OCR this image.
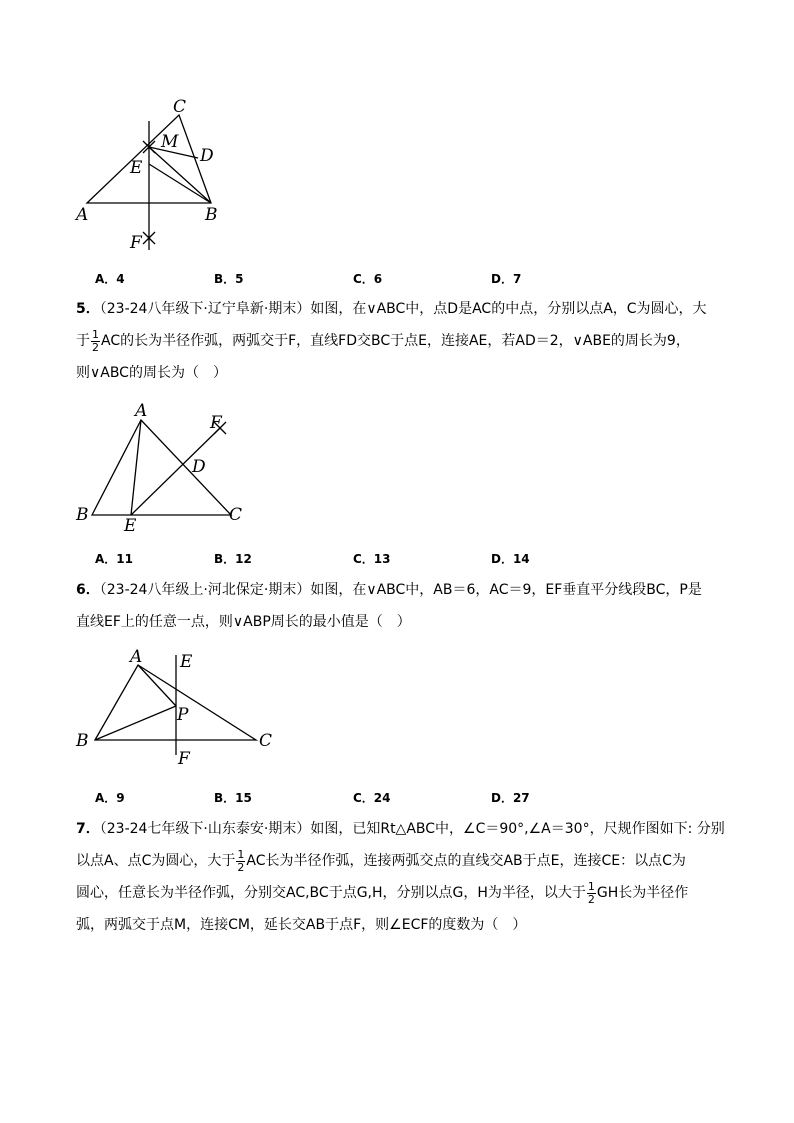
C
M
D
E
A	B
F
A．4	B．5	C．6	D．7
5．（23-24八年级下·辽宁阜新·期末）如图，在∨ABC中，点D是AC的中点，分别以点A，C为圆心，大
于 $\frac{1}{2}$ AC的长为半径作弧，两弧交于F，直线FD交BC于点E，连接AE，若AD＝2，∨ABE的周长为9，
则∨ABC的周长为（　）
A
F
D
B
E
C
A．11	B．12	C．13	D．14
6．（23-24八年级上·河北保定·期末）如图，在∨ABC中，AB＝6，AC＝9，EF垂直平分线段BC，P是
直线EF上的任意一点，则∨ABP周长的最小值是（　）
A E
P
B	C
F
A．9	B．15	C．24	D．27
7．（23-24七年级下·山东泰安·期末）如图，已知Rt△ABC中，∠C＝90°,∠A＝30°，尺规作图如下: 分别
以点A、点C为圆心，大于 $\frac{1}{2}$ AC长为半径作弧，连接两弧交点的直线交AB于点E，连接CE：以点C为
圆心，任意长为半径作弧，分别交AC,BC于点G,H，分别以点G，H为半径，以大于 $\frac{1}{2}$ GH长为半径作
弧，两弧交于点M，连接CM，延长交AB于点F，则∠ECF的度数为（　）
